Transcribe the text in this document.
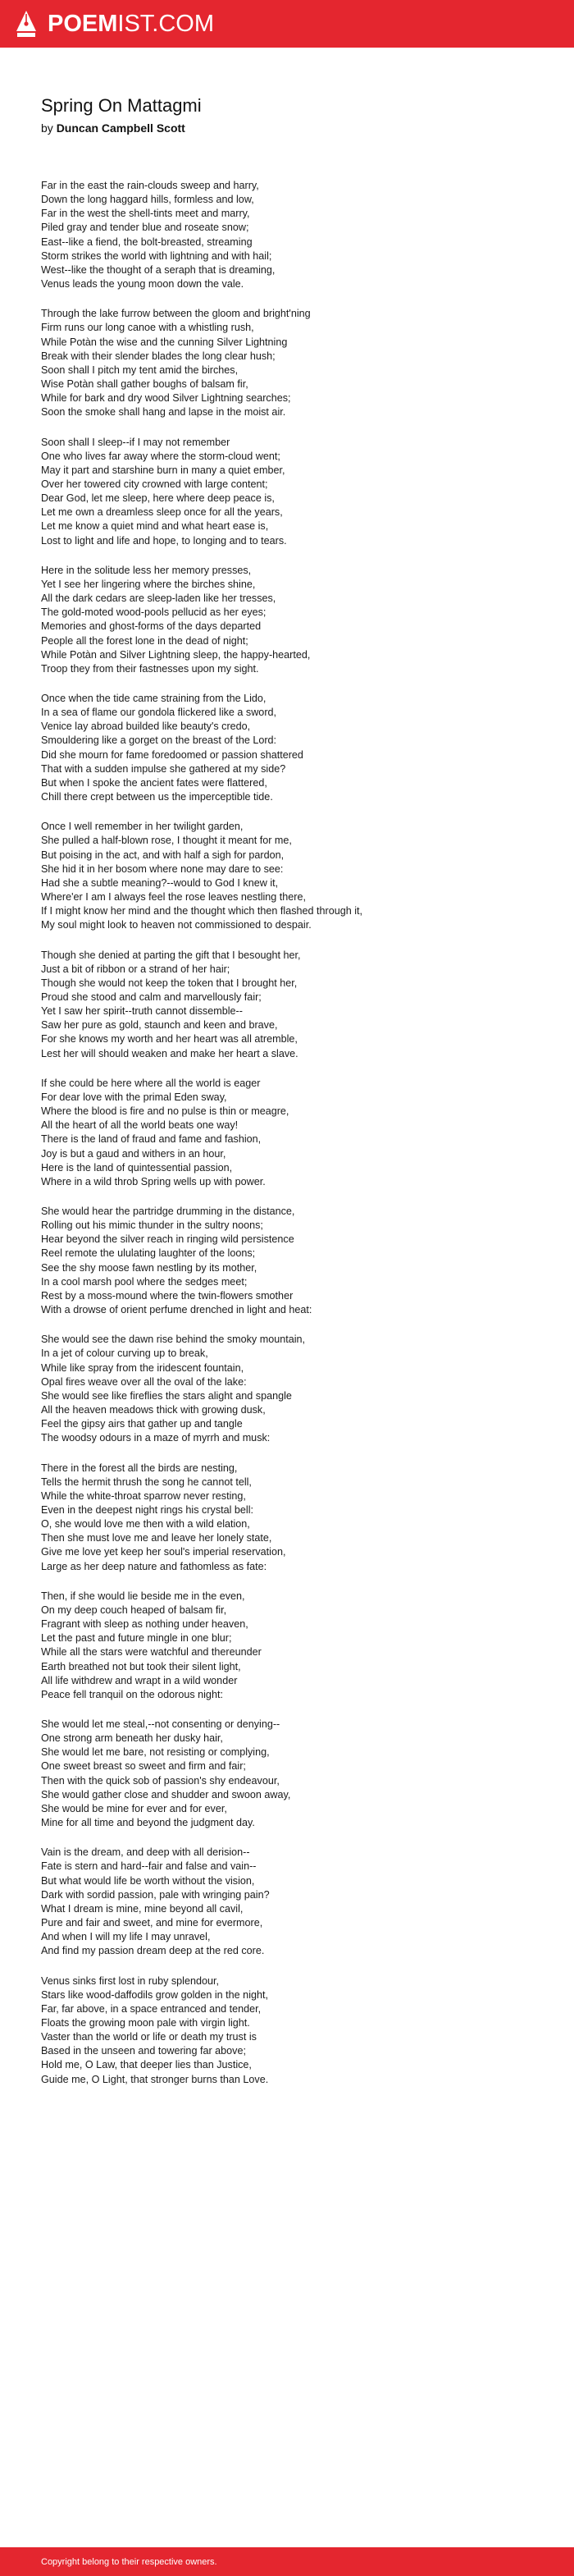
POEMIST.COM
Spring On Mattagmi
by Duncan Campbell Scott
Far in the east the rain-clouds sweep and harry,
Down the long haggard hills, formless and low,
Far in the west the shell-tints meet and marry,
Piled gray and tender blue and roseate snow;
East--like a fiend, the bolt-breasted, streaming
Storm strikes the world with lightning and with hail;
West--like the thought of a seraph that is dreaming,
Venus leads the young moon down the vale.
Through the lake furrow between the gloom and bright'ning
Firm runs our long canoe with a whistling rush,
While Potàn the wise and the cunning Silver Lightning
Break with their slender blades the long clear hush;
Soon shall I pitch my tent amid the birches,
Wise Potàn shall gather boughs of balsam fir,
While for bark and dry wood Silver Lightning searches;
Soon the smoke shall hang and lapse in the moist air.
Soon shall I sleep--if I may not remember
One who lives far away where the storm-cloud went;
May it part and starshine burn in many a quiet ember,
Over her towered city crowned with large content;
Dear God, let me sleep, here where deep peace is,
Let me own a dreamless sleep once for all the years,
Let me know a quiet mind and what heart ease is,
Lost to light and life and hope, to longing and to tears.
Here in the solitude less her memory presses,
Yet I see her lingering where the birches shine,
All the dark cedars are sleep-laden like her tresses,
The gold-moted wood-pools pellucid as her eyes;
Memories and ghost-forms of the days departed
People all the forest lone in the dead of night;
While Potàn and Silver Lightning sleep, the happy-hearted,
Troop they from their fastnesses upon my sight.
Once when the tide came straining from the Lido,
In a sea of flame our gondola flickered like a sword,
Venice lay abroad builded like beauty's credo,
Smouldering like a gorget on the breast of the Lord:
Did she mourn for fame foredoomed or passion shattered
That with a sudden impulse she gathered at my side?
But when I spoke the ancient fates were flattered,
Chill there crept between us the imperceptible tide.
Once I well remember in her twilight garden,
She pulled a half-blown rose, I thought it meant for me,
But poising in the act, and with half a sigh for pardon,
She hid it in her bosom where none may dare to see:
Had she a subtle meaning?--would to God I knew it,
Where'er I am I always feel the rose leaves nestling there,
If I might know her mind and the thought which then flashed through it,
My soul might look to heaven not commissioned to despair.
Though she denied at parting the gift that I besought her,
Just a bit of ribbon or a strand of her hair;
Though she would not keep the token that I brought her,
Proud she stood and calm and marvellously fair;
Yet I saw her spirit--truth cannot dissemble--
Saw her pure as gold, staunch and keen and brave,
For she knows my worth and her heart was all atremble,
Lest her will should weaken and make her heart a slave.
If she could be here where all the world is eager
For dear love with the primal Eden sway,
Where the blood is fire and no pulse is thin or meagre,
All the heart of all the world beats one way!
There is the land of fraud and fame and fashion,
Joy is but a gaud and withers in an hour,
Here is the land of quintessential passion,
Where in a wild throb Spring wells up with power.
She would hear the partridge drumming in the distance,
Rolling out his mimic thunder in the sultry noons;
Hear beyond the silver reach in ringing wild persistence
Reel remote the ululating laughter of the loons;
See the shy moose fawn nestling by its mother,
In a cool marsh pool where the sedges meet;
Rest by a moss-mound where the twin-flowers smother
With a drowse of orient perfume drenched in light and heat:
She would see the dawn rise behind the smoky mountain,
In a jet of colour curving up to break,
While like spray from the iridescent fountain,
Opal fires weave over all the oval of the lake:
She would see like fireflies the stars alight and spangle
All the heaven meadows thick with growing dusk,
Feel the gipsy airs that gather up and tangle
The woodsy odours in a maze of myrrh and musk:
There in the forest all the birds are nesting,
Tells the hermit thrush the song he cannot tell,
While the white-throat sparrow never resting,
Even in the deepest night rings his crystal bell:
O, she would love me then with a wild elation,
Then she must love me and leave her lonely state,
Give me love yet keep her soul's imperial reservation,
Large as her deep nature and fathomless as fate:
Then, if she would lie beside me in the even,
On my deep couch heaped of balsam fir,
Fragrant with sleep as nothing under heaven,
Let the past and future mingle in one blur;
While all the stars were watchful and thereunder
Earth breathed not but took their silent light,
All life withdrew and wrapt in a wild wonder
Peace fell tranquil on the odorous night:
She would let me steal,--not consenting or denying--
One strong arm beneath her dusky hair,
She would let me bare, not resisting or complying,
One sweet breast so sweet and firm and fair;
Then with the quick sob of passion's shy endeavour,
She would gather close and shudder and swoon away,
She would be mine for ever and for ever,
Mine for all time and beyond the judgment day.
Vain is the dream, and deep with all derision--
Fate is stern and hard--fair and false and vain--
But what would life be worth without the vision,
Dark with sordid passion, pale with wringing pain?
What I dream is mine, mine beyond all cavil,
Pure and fair and sweet, and mine for evermore,
And when I will my life I may unravel,
And find my passion dream deep at the red core.
Venus sinks first lost in ruby splendour,
Stars like wood-daffodils grow golden in the night,
Far, far above, in a space entranced and tender,
Floats the growing moon pale with virgin light.
Vaster than the world or life or death my trust is
Based in the unseen and towering far above;
Hold me, O Law, that deeper lies than Justice,
Guide me, O Light, that stronger burns than Love.
Copyright belong to their respective owners.
